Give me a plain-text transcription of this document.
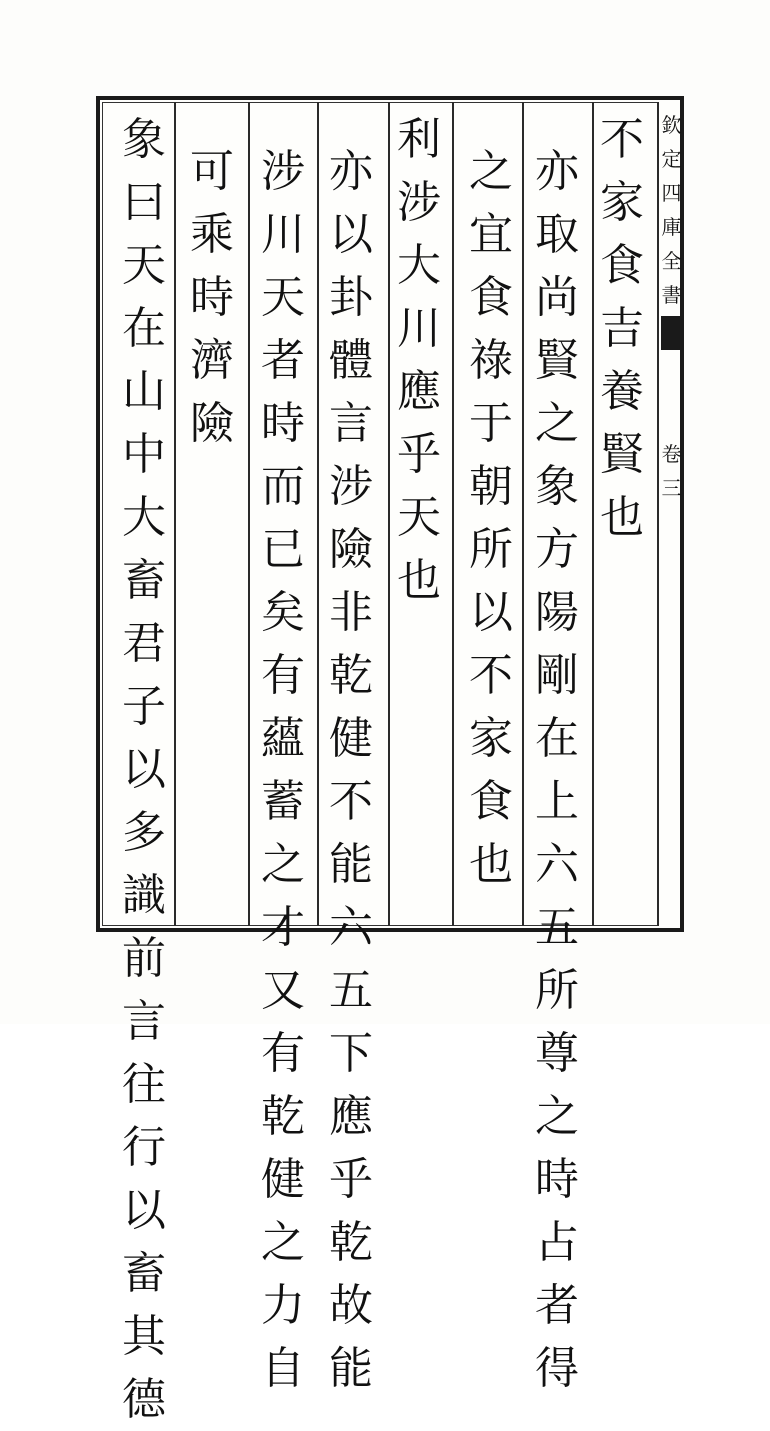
不
家
食
吉
養
賢
也
亦
取
尚
賢
之
象
方
陽
剛
在
上
六
五
所
尊
之
時
占
者
得
之
宜
食
祿
于
朝
所
以
不
家
食
也
利
涉
大
川
應
乎
天
也
亦
以
卦
體
言
涉
險
非
乾
健
不
能
六
五
下
應
乎
乾
故
能
涉
川
天
者
時
而
已
矣
有
蘊
蓄
之
才
又
有
乾
健
之
力
自
可
乘
時
濟
險
象
曰
天
在
山
中
大
畜
君
子
以
多
識
前
言
往
行
以
畜
其
德
欽
定
四
庫
全
書
卷
三
